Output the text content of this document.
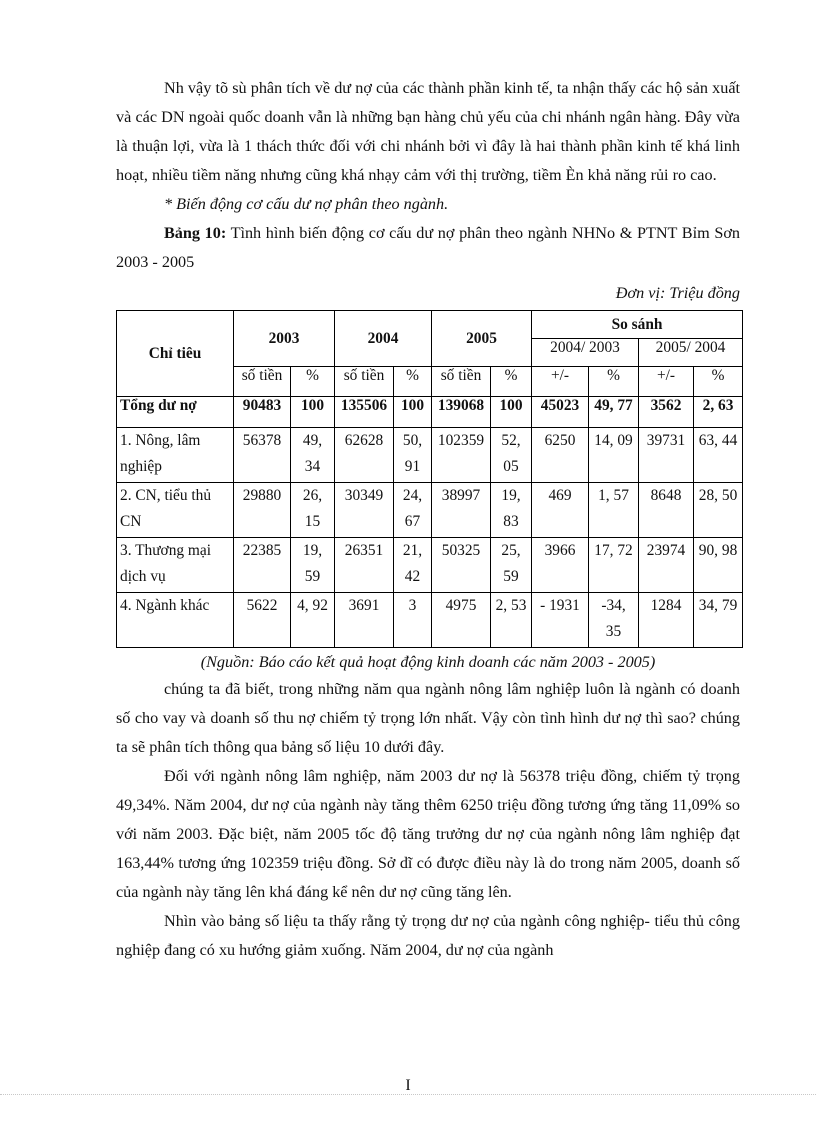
Nh vậy tõ sù phân tích về dư nợ của các thành phần kinh tế, ta nhận thấy các hộ sản xuất và các DN ngoài quốc doanh vẫn là những bạn hàng chủ yếu của chi nhánh ngân hàng. Đây vừa là thuận lợi, vừa là 1 thách thức đối với chi nhánh bởi vì đây là hai thành phần kinh tế khá linh hoạt, nhiều tiềm năng nhưng cũng khá nhạy cảm với thị trường, tiềm Èn khả năng rủi ro cao.

* Biến động cơ cấu dư nợ phân theo ngành.

Bảng 10: Tình hình biến động cơ cấu dư nợ phân theo ngành NHNo & PTNT Bỉm Sơn 2003 - 2005

Đơn vị: Triệu đồng
Chỉ tiêu	2003		2004		2005		So sánh			
							2004/ 2003		2005/ 2004	
	số tiền	%	số tiền	%	số tiền	%	+/-	%	+/-	%
Tổng dư nợ	90483	100	135506	100	139068	100	45023	49, 77	3562	2, 63
1. Nông, lâm nghiệp	56378	49, 34	62628	50, 91	102359	52, 05	6250	14, 09	39731	63, 44
2. CN, tiểu thủ CN	29880	26, 15	30349	24, 67	38997	19, 83	469	1, 57	8648	28, 50
3. Thương mại dịch vụ	22385	19, 59	26351	21, 42	50325	25, 59	3966	17, 72	23974	90, 98
4. Ngành khác	5622	4, 92	3691	3	4975	2, 53	- 1931	-34, 35	1284	34, 79
(Nguồn: Báo cáo kết quả hoạt động kinh doanh các năm 2003 - 2005)

chúng ta đã biết, trong những năm qua ngành nông lâm nghiệp luôn là ngành có doanh số cho vay và doanh số thu nợ chiếm tỷ trọng lớn nhất. Vậy còn tình hình dư nợ thì sao? chúng ta sẽ phân tích thông qua bảng số liệu 10 dưới đây.

Đối với ngành nông lâm nghiệp, năm 2003 dư nợ là 56378 triệu đồng, chiếm tỷ trọng 49,34%. Năm 2004, dư nợ của ngành này tăng thêm 6250 triệu đồng tương ứng tăng 11,09% so với năm 2003. Đặc biệt, năm 2005 tốc độ tăng trưởng dư nợ của ngành nông lâm nghiệp đạt 163,44% tương ứng 102359 triệu đồng. Sở dĩ có được điều này là do trong năm 2005, doanh số của ngành này tăng lên khá đáng kể nên dư nợ cũng tăng lên.

Nhìn vào bảng số liệu ta thấy rằng tỷ trọng dư nợ của ngành công nghiệp- tiểu thủ công nghiệp đang có xu hướng giảm xuống. Năm 2004, dư nợ của ngành

I
